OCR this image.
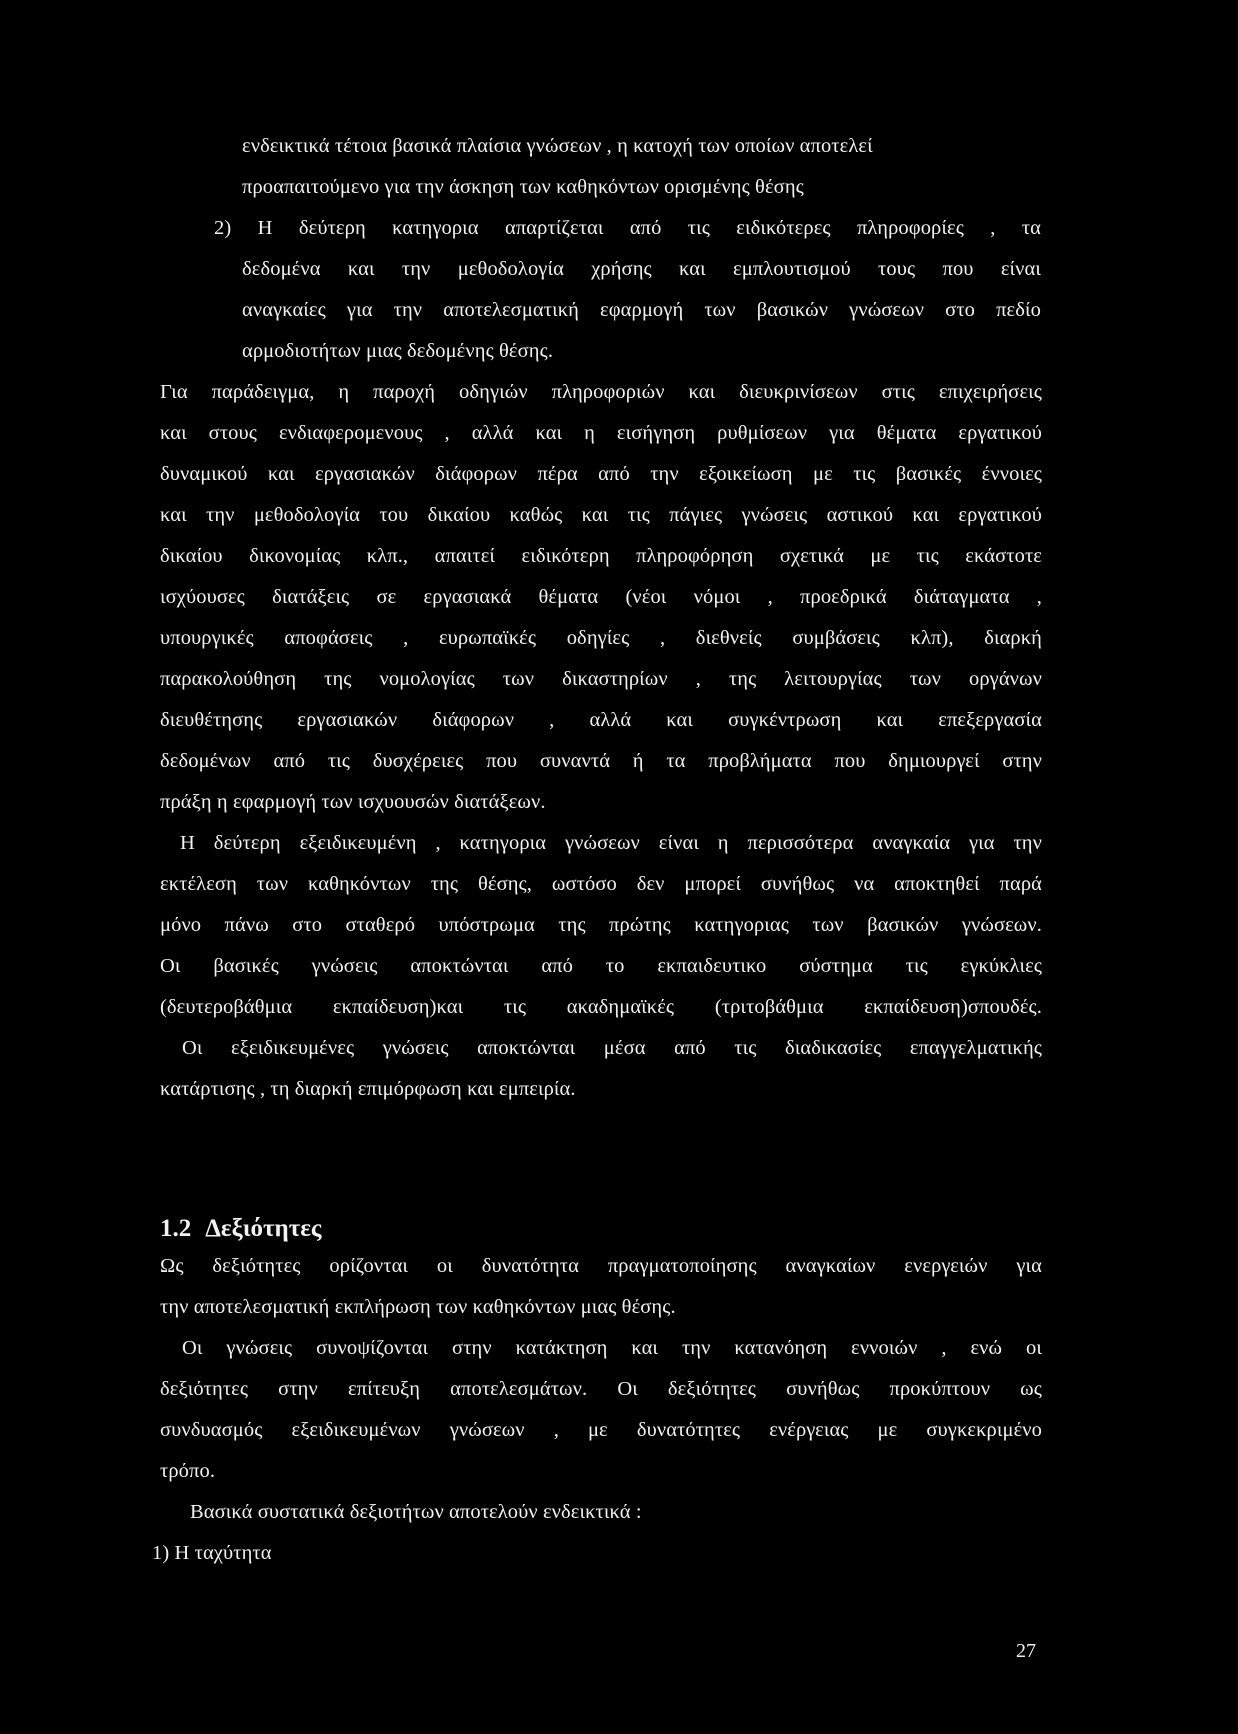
ενδεικτικά τέτοια βασικά πλαίσια γνώσεων , η κατοχή των οποίων αποτελεί
προαπαιτούμενο για την άσκηση των καθηκόντων ορισμένης θέσης
2) Η δεύτερη κατηγορια απαρτίζεται από τις ειδικότερες πληροφορίες , τα
δεδομένα και την μεθοδολογία χρήσης και εμπλουτισμού τους που είναι
αναγκαίες για την αποτελεσματική εφαρμογή των βασικών γνώσεων στο πεδίο
αρμοδιοτήτων μιας δεδομένης θέσης.
Για παράδειγμα, η παροχή οδηγιών πληροφοριών και διευκρινίσεων στις επιχειρήσεις
και στους ενδιαφερομενους , αλλά και η εισήγηση ρυθμίσεων για θέματα εργατικού
δυναμικού και εργασιακών διάφορων πέρα από την εξοικείωση με τις βασικές έννοιες
και την μεθοδολογία του δικαίου καθώς και τις πάγιες γνώσεις αστικού και εργατικού
δικαίου δικονομίας κλπ., απαιτεί ειδικότερη πληροφόρηση σχετικά με τις εκάστοτε
ισχύουσες διατάξεις σε εργασιακά θέματα (νέοι νόμοι , προεδρικά διάταγματα ,
υπουργικές αποφάσεις , ευρωπαϊκές οδηγίες , διεθνείς συμβάσεις κλπ), διαρκή
παρακολούθηση της νομολογίας των δικαστηρίων , της λειτουργίας των οργάνων
διευθέτησης εργασιακών διάφορων , αλλά και συγκέντρωση και επεξεργασία
δεδομένων από τις δυσχέρειες που συναντά ή τα προβλήματα που δημιουργεί στην
πράξη η εφαρμογή των ισχυουσών διατάξεων.
Η δεύτερη εξειδικευμένη , κατηγορια γνώσεων είναι η περισσότερα αναγκαία για την
εκτέλεση των καθηκόντων της θέσης, ωστόσο δεν μπορεί συνήθως να αποκτηθεί παρά
μόνο πάνω στο σταθερό υπόστρωμα της πρώτης κατηγοριας των βασικών γνώσεων.
Οι βασικές γνώσεις αποκτώνται από το εκπαιδευτικο σύστημα τις εγκύκλιες
(δευτεροβάθμια εκπαίδευση)και τις ακαδημαϊκές (τριτοβάθμια εκπαίδευση)σπουδές.
Οι εξειδικευμένες γνώσεις αποκτώνται μέσα από τις διαδικασίες επαγγελματικής
κατάρτισης , τη διαρκή επιμόρφωση και εμπειρία.
1.2 Δεξιότητες
Ως δεξιότητες ορίζονται οι δυνατότητα πραγματοποίησης αναγκαίων ενεργειών για
την αποτελεσματική εκπλήρωση των καθηκόντων μιας θέσης.
Οι γνώσεις συνοψίζονται στην κατάκτηση και την κατανόηση εννοιών , ενώ οι
δεξιότητες στην επίτευξη αποτελεσμάτων. Οι δεξιότητες συνήθως προκύπτουν ως
συνδυασμός εξειδικευμένων γνώσεων , με δυνατότητες ενέργειας με συγκεκριμένο
τρόπο.
Βασικά συστατικά δεξιοτήτων αποτελούν ενδεικτικά :
1) Η ταχύτητα
27
